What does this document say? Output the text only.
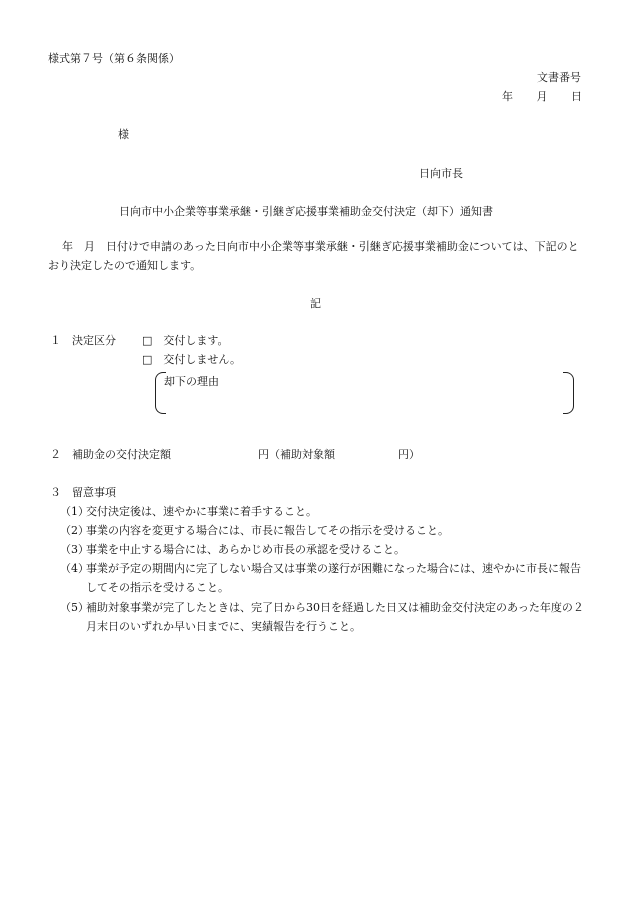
様式第７号（第６条関係）
文書番号
年 月 日
様
日向市長
日向市中小企業等事業承継・引継ぎ応援事業補助金交付決定（却下）通知書
年　月　日付けで申請のあった日向市中小企業等事業承継・引継ぎ応援事業補助金については、下記のとおり決定したので通知します。
記
１　決定区分 □　交付します。
□　交付しません。
却下の理由
２　補助金の交付決定額	円（補助対象額	円）
３　留意事項
（1）
交付決定後は、速やかに事業に着手すること。
（2）
事業の内容を変更する場合には、市長に報告してその指示を受けること。
（3）
事業を中止する場合には、あらかじめ市長の承認を受けること。
（4）
事業が予定の期間内に完了しない場合又は事業の遂行が困難になった場合には、速やかに市長に報告してその指示を受けること。
（5）
補助対象事業が完了したときは、完了日から30日を経過した日又は補助金交付決定のあった年度の２月末日のいずれか早い日までに、実績報告を行うこと。
